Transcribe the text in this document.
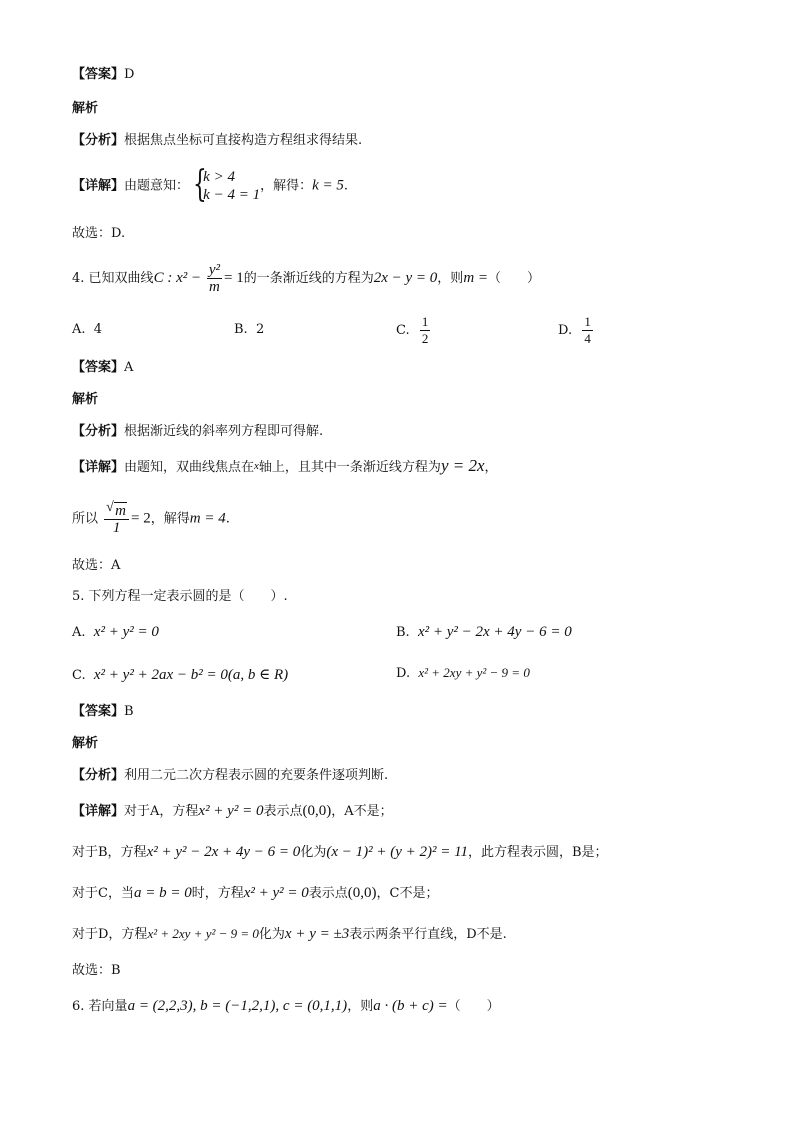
【答案】D
解析
【分析】根据焦点坐标可直接构造方程组求得结果.
【详解】由题意知： {
k > 4
k − 4 = 1
，解得：k = 5.
故选：D.
4. 已知双曲线C : $x^2 - \frac{\text{y²}}{m} = 1$的一条渐近线的方程为2x − y = 0，则m =（　　）
A. 4	B. 2	C. $\frac{1}{2}$	D. $\frac{1}{4}$
【答案】A
解析
【分析】根据渐近线的斜率列方程即可得解.
【详解】由题知，双曲线焦点在$^x$轴上，且其中一条渐近线方程为y = 2x，
所以 $\frac{√ m}{1} = 2$，解得m = 4.
故选：A
5. 下列方程一定表示圆的是（　　）.
A. x² + y² = 0	B. x² + y² − 2x + 4y − 6 = 0
C. x² + y² + 2ax − b² = 0(a, b ∈ R)	D. x² + 2xy + y² − 9 = 0
【答案】B
解析
【分析】利用二元二次方程表示圆的充要条件逐项判断.
【详解】对于A，方程x² + y² = 0表示点(0,0)，A不是；
对于B，方程x² + y² − 2x + 4y − 6 = 0化为(x − 1)² + (y + 2)² = 11，此方程表示圆，B是；
对于C，当a = b = 0时，方程x² + y² = 0表示点(0,0)，C不是；
对于D，方程x² + 2xy + y² − 9 = 0化为x + y = ±3表示两条平行直线，D不是.
故选：B
6. 若向量a = (2,2,3), b = (−1,2,1), c = (0,1,1)，则a · (b + c) =（　　）
